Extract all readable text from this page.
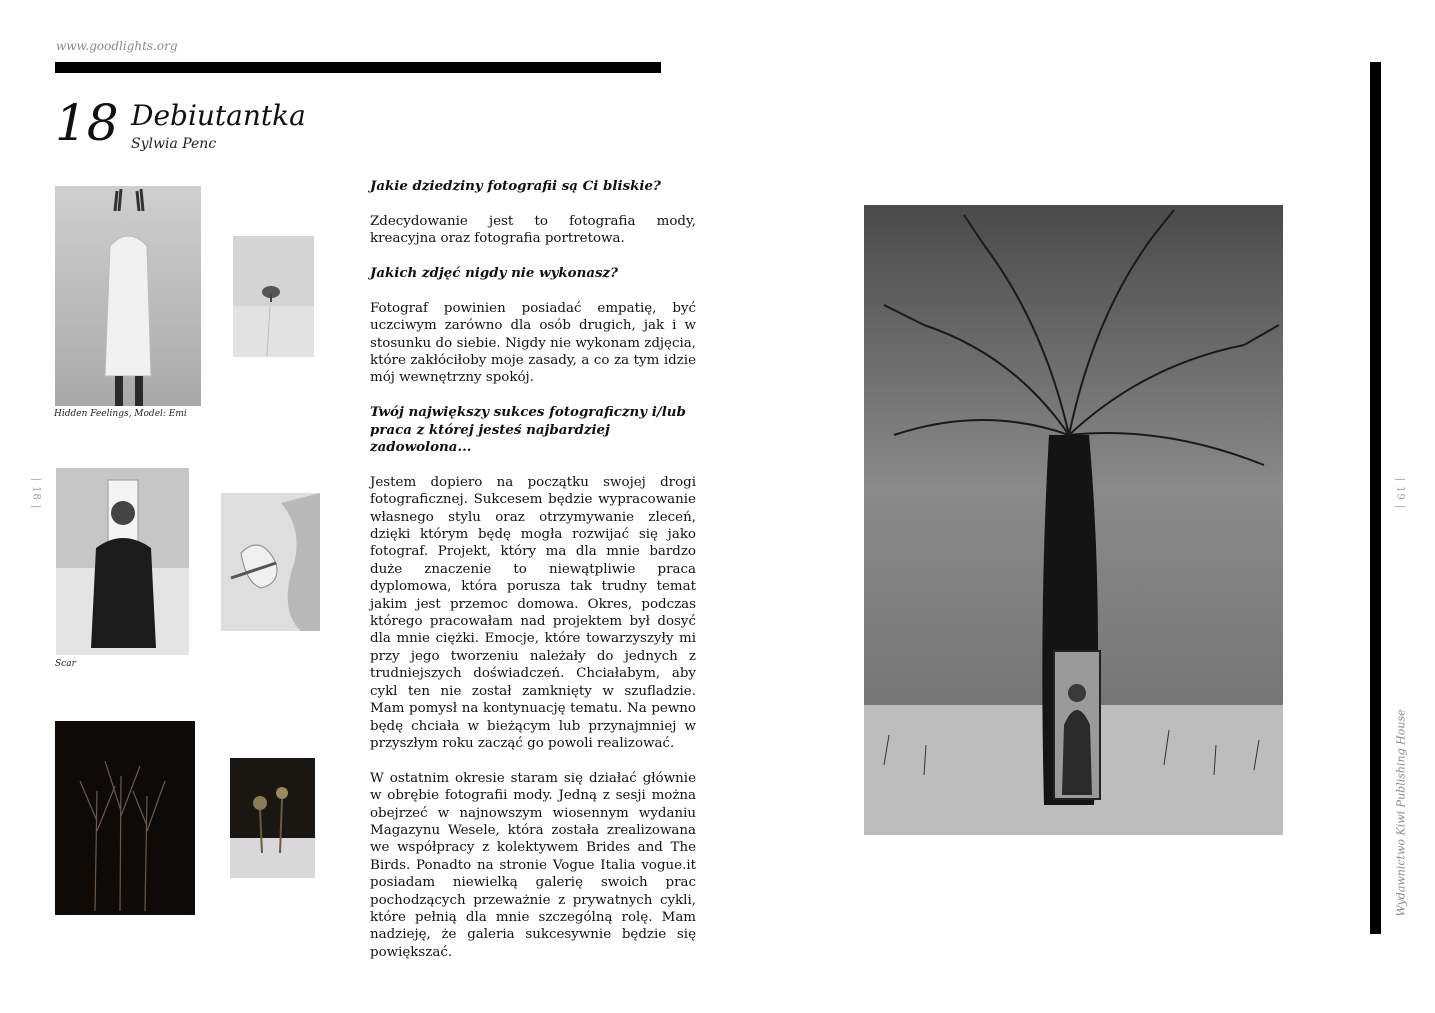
www.goodlights.org
18 Debiutantka
Sylwia Penc
Hidden Feelings, Model: Emi
Scar

Jakie dziedziny fotografii są Ci bliskie?

Zdecydowanie jest to fotografia mody, kreacyjna oraz fotografia portretowa.

Jakich zdjęć nigdy nie wykonasz?

Fotograf powinien posiadać empatię, być uczciwym zarówno dla osób drugich, jak i w stosunku do siebie. Nigdy nie wykonam zdjęcia, które zakłóciłoby moje zasady, a co za tym idzie mój wewnętrzny spokój.

Twój największy sukces fotograficzny i/lub praca z której jesteś najbardziej zadowolona...

Jestem dopiero na początku swojej drogi fotograficznej. Sukcesem będzie wypracowanie własnego stylu oraz otrzymywanie zleceń, dzięki którym będę mogła rozwijać się jako fotograf. Projekt, który ma dla mnie bardzo duże znaczenie to niewątpliwie praca dyplomowa, która porusza tak trudny temat jakim jest przemoc domowa. Okres, podczas którego pracowałam nad projektem był dosyć dla mnie ciężki. Emocje, które towarzyszyły mi przy jego tworzeniu należały do jednych z trudniejszych doświadczeń. Chciałabym, aby cykl ten nie został zamknięty w szufladzie. Mam pomysł na kontynuację tematu. Na pewno będę chciała w bieżącym lub przynajmniej w przyszłym roku zacząć go powoli realizować.

W ostatnim okresie staram się działać głównie w obrębie fotografii mody. Jedną z sesji można obejrzeć w najnowszym wiosennym wydaniu Magazynu Wesele, która została zrealizowana we współpracy z kolektywem Brides and The Birds. Ponadto na stronie Vogue Italia vogue.it posiadam niewielką galerię swoich prac pochodzących przeważnie z prywatnych cykli, które pełnią dla mnie szczególną rolę. Mam nadzieję, że galeria sukcesywnie będzie się powiększać.

| 18 |	| 19 |
Wydawnictwo Kiwi Publishing House
